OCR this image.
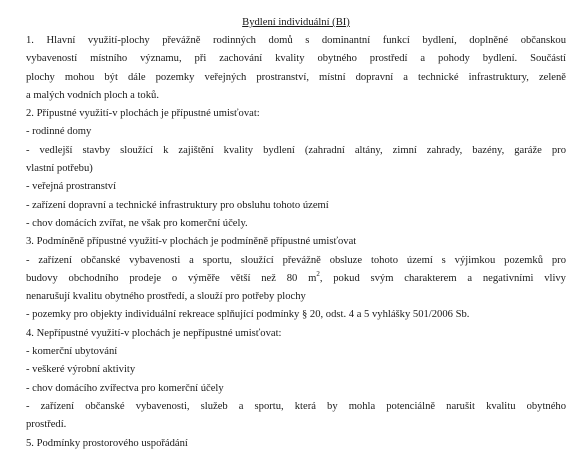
Bydlení individuální (BI)

1. Hlavní využití-plochy převážně rodinných domů s dominantní funkcí bydlení, doplněné občanskou
vybaveností místního významu, při zachování kvality obytného prostředí a pohody bydlení. Součástí
plochy mohou být dále pozemky veřejných prostranství, místní dopravní a technické infrastruktury, zeleně
a malých vodních ploch a toků.
2. Přípustné využití-v plochách je přípustné umisťovat:
- rodinné domy
- vedlejší stavby sloužící k zajištění kvality bydlení (zahradní altány, zimní zahrady, bazény, garáže pro
vlastní potřebu)
- veřejná prostranství
- zařízení dopravní a technické infrastruktury pro obsluhu tohoto území
- chov domácích zvířat, ne však pro komerční účely.
3. Podmíněně přípustné využití-v plochách je podmíněně přípustné umisťovat
- zařízení občanské vybavenosti a sportu, sloužící převážně obsluze tohoto území s výjimkou pozemků pro
budovy obchodního prodeje o výměře větší než 80 $m^2$, pokud svým charakterem a negativními vlivy
nenarušují kvalitu obytného prostředí, a slouží pro potřeby plochy
- pozemky pro objekty individuální rekreace splňující podmínky § 20, odst. 4 a 5 vyhlášky 501/2006 Sb.
4. Nepřípustné využití-v plochách je nepřípustné umisťovat:
- komerční ubytování
- veškeré výrobní aktivity
- chov domácího zvířectva pro komerční účely
- zařízení občanské vybavenosti, služeb a sportu, která by mohla potenciálně narušit kvalitu obytného
prostředí.
5. Podmínky prostorového uspořádání
